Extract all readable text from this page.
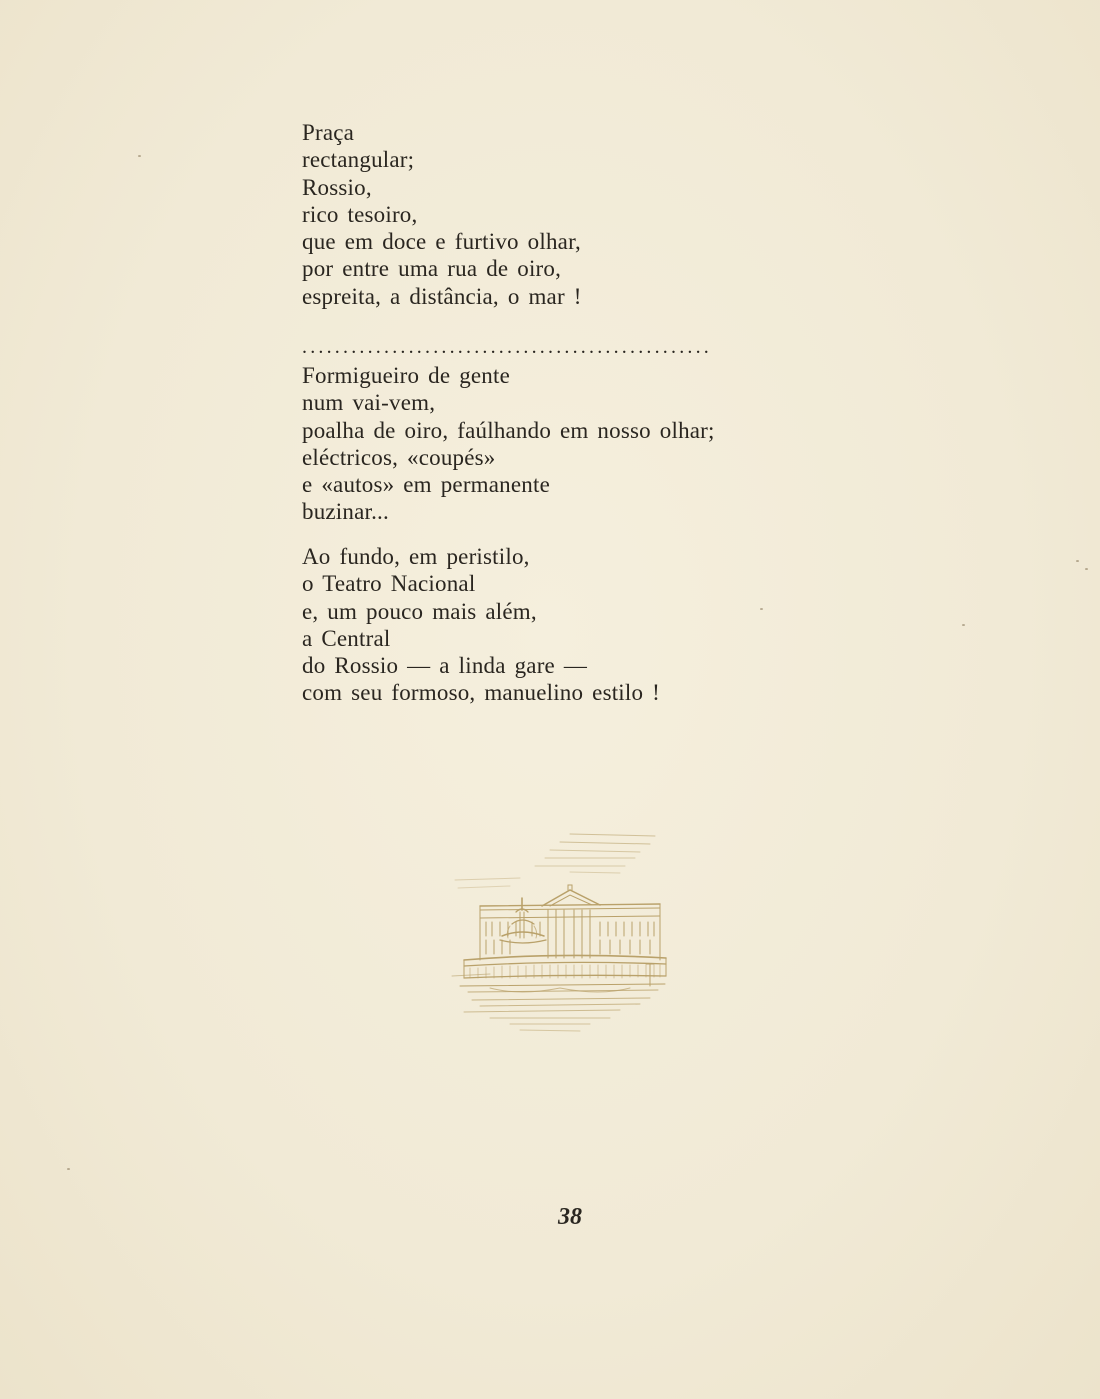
Praça
rectangular;
Rossio,
rico tesoiro,
que em doce e furtivo olhar,
por entre uma rua de oiro,
espreita, a distância, o mar !
..................................................
Formigueiro de gente
num vai-vem,
poalha de oiro, faúlhando em nosso olhar;
eléctricos, «coupés»
e «autos» em permanente
buzinar...
Ao fundo, em peristilo,
o Teatro Nacional
e, um pouco mais além,
a Central
do Rossio — a linda gare —
com seu formoso, manuelino estilo !
38
